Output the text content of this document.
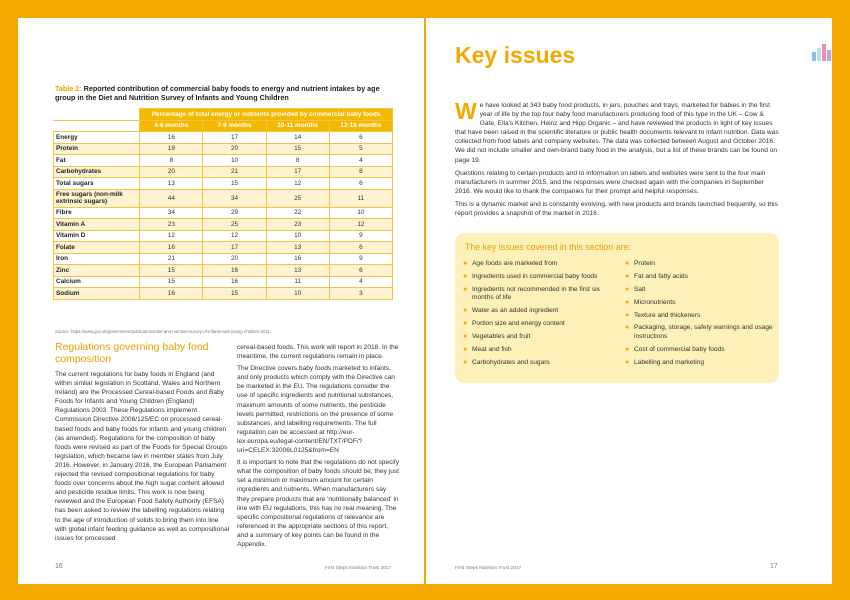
Table 2: Reported contribution of commercial baby foods to energy and nutrient intakes by age group in the Diet and Nutrition Survey of Infants and Young Children
	Percentage of total energy or nutrients provided by commercial baby foods			
	4-6 months	7-9 months	10-11 months	12-18 months
Energy	16	17	14	6
Protein	19	20	15	5
Fat	8	10	8	4
Carbohydrates	20	21	17	8
Total sugars	13	15	12	6
Free sugars (non-milk extrinsic sugars)	44	34	25	11
Fibre	34	29	22	10
Vitamin A	23	25	23	12
Vitamin D	12	12	10	9
Folate	16	17	13	6
Iron	21	20	16	9
Zinc	15	16	13	6
Calcium	15	16	11	4
Sodium	16	15	10	3
Source: https://www.gov.uk/government/publications/diet-and-nutrition-survey-of-infants-and-young-children-2011
Regulations governing baby food composition

The current regulations for baby foods in England (and within similar legislation in Scotland, Wales and Northern Ireland) are the Processed Cereal-based Foods and Baby Foods for Infants and Young Children (England) Regulations 2003. These Regulations implement Commission Directive 2006/125/EC on processed cereal-based foods and baby foods for infants and young children (as amended). Regulations for the composition of baby foods were revised as part of the Foods for Special Groups legislation, which became law in member states from July 2016. However, in January 2016, the European Parliament rejected the revised compositional regulations for baby foods over concerns about the high sugar content allowed and pesticide residue limits. This work is now being reviewed and the European Food Safety Authority (EFSA) has been asked to review the labelling regulations relating to the age of introduction of solids to bring them into line with global infant feeding guidance as well as compositional issues for processed

cereal-based foods. This work will report in 2018. In the meantime, the current regulations remain in place.

The Directive covers baby foods marketed to infants, and only products which comply with the Directive can be marketed in the EU. The regulations consider the use of specific ingredients and nutritional substances, maximum amounts of some nutrients, the pesticide levels permitted, restrictions on the presence of some substances, and labelling requirements. The full regulation can be accessed at http://eur-lex.europa.eu/legal-content/EN/TXT/PDF/?uri=CELEX:32006L0125&from=EN

It is important to note that the regulations do not specify what the composition of baby foods should be; they just set a minimum or maximum amount for certain ingredients and nutrients. When manufacturers say they prepare products that are 'nutritionally balanced' in line with EU regulations, this has no real meaning. The specific compositional regulations of relevance are referenced in the appropriate sections of this report, and a summary of key points can be found in the Appendix.

16	First Steps Nutrition Trust 2017
Key issues

We have looked at 343 baby food products, in jars, pouches and trays, marketed for babies in the first year of life by the top four baby food manufacturers producing food of this type in the UK – Cow & Gate, Ella's Kitchen, Heinz and Hipp Organic – and have reviewed the products in light of key issues that have been raised in the scientific literature or public health documents relevant to infant nutrition. Data was collected from food labels and company websites. The data was collected between August and October 2016. We did not include smaller and own-brand baby food in the analysis, but a list of these brands can be found on page 19.

Questions relating to certain products and to information on labels and websites were sent to the four main manufacturers in summer 2015, and the responses were checked again with the companies in September 2016. We would like to thank the companies for their prompt and helpful responses.

This is a dynamic market and is constantly evolving, with new products and brands launched frequently, so this report provides a snapshot of the market in 2016.

The key issues covered in this section are:
● Age foods are marketed from
● Ingredients used in commercial baby foods
● Ingredients not recommended in the first six months of life
● Water as an added ingredient
● Portion size and energy content
● Vegetables and fruit
● Meat and fish
● Carbohydrates and sugars
● Protein
● Fat and fatty acids
● Salt
● Micronutrients
● Texture and thickeners
● Packaging, storage, safety warnings and usage instructions
● Cost of commercial baby foods
● Labelling and marketing
First Steps Nutrition Trust 2017	17
